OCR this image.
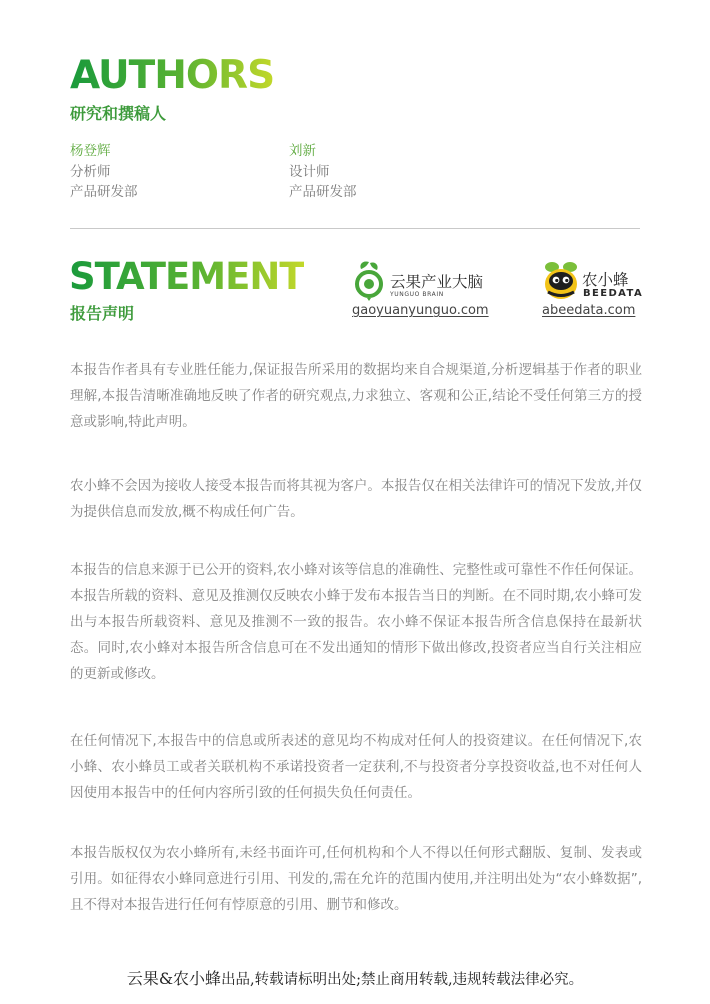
AUTHORS
研究和撰稿人
杨登辉
分析师
产品研发部
刘新
设计师
产品研发部
STATEMENT
报告声明
云果产业大脑
YUNGUO BRAIN
gaoyuanyunguo.com
农小蜂
BEEDATA
abeedata.com

本报告作者具有专业胜任能力,保证报告所采用的数据均来自合规渠道,分析逻辑基于作者的职业理解,本报告清晰准确地反映了作者的研究观点,力求独立、客观和公正,结论不受任何第三方的授意或影响,特此声明。

农小蜂不会因为接收人接受本报告而将其视为客户。本报告仅在相关法律许可的情况下发放,并仅为提供信息而发放,概不构成任何广告。

本报告的信息来源于已公开的资料,农小蜂对该等信息的准确性、完整性或可靠性不作任何保证。本报告所载的资料、意见及推测仅反映农小蜂于发布本报告当日的判断。在不同时期,农小蜂可发出与本报告所载资料、意见及推测不一致的报告。农小蜂不保证本报告所含信息保持在最新状态。同时,农小蜂对本报告所含信息可在不发出通知的情形下做出修改,投资者应当自行关注相应的更新或修改。

在任何情况下,本报告中的信息或所表述的意见均不构成对任何人的投资建议。在任何情况下,农小蜂、农小蜂员工或者关联机构不承诺投资者一定获利,不与投资者分享投资收益,也不对任何人因使用本报告中的任何内容所引致的任何损失负任何责任。

本报告版权仅为农小蜂所有,未经书面许可,任何机构和个人不得以任何形式翻版、复制、发表或引用。如征得农小蜂同意进行引用、刊发的,需在允许的范围内使用,并注明出处为“农小蜂数据”,且不得对本报告进行任何有悖原意的引用、删节和修改。

云果&农小蜂出品,转载请标明出处;禁止商用转载,违规转载法律必究。
